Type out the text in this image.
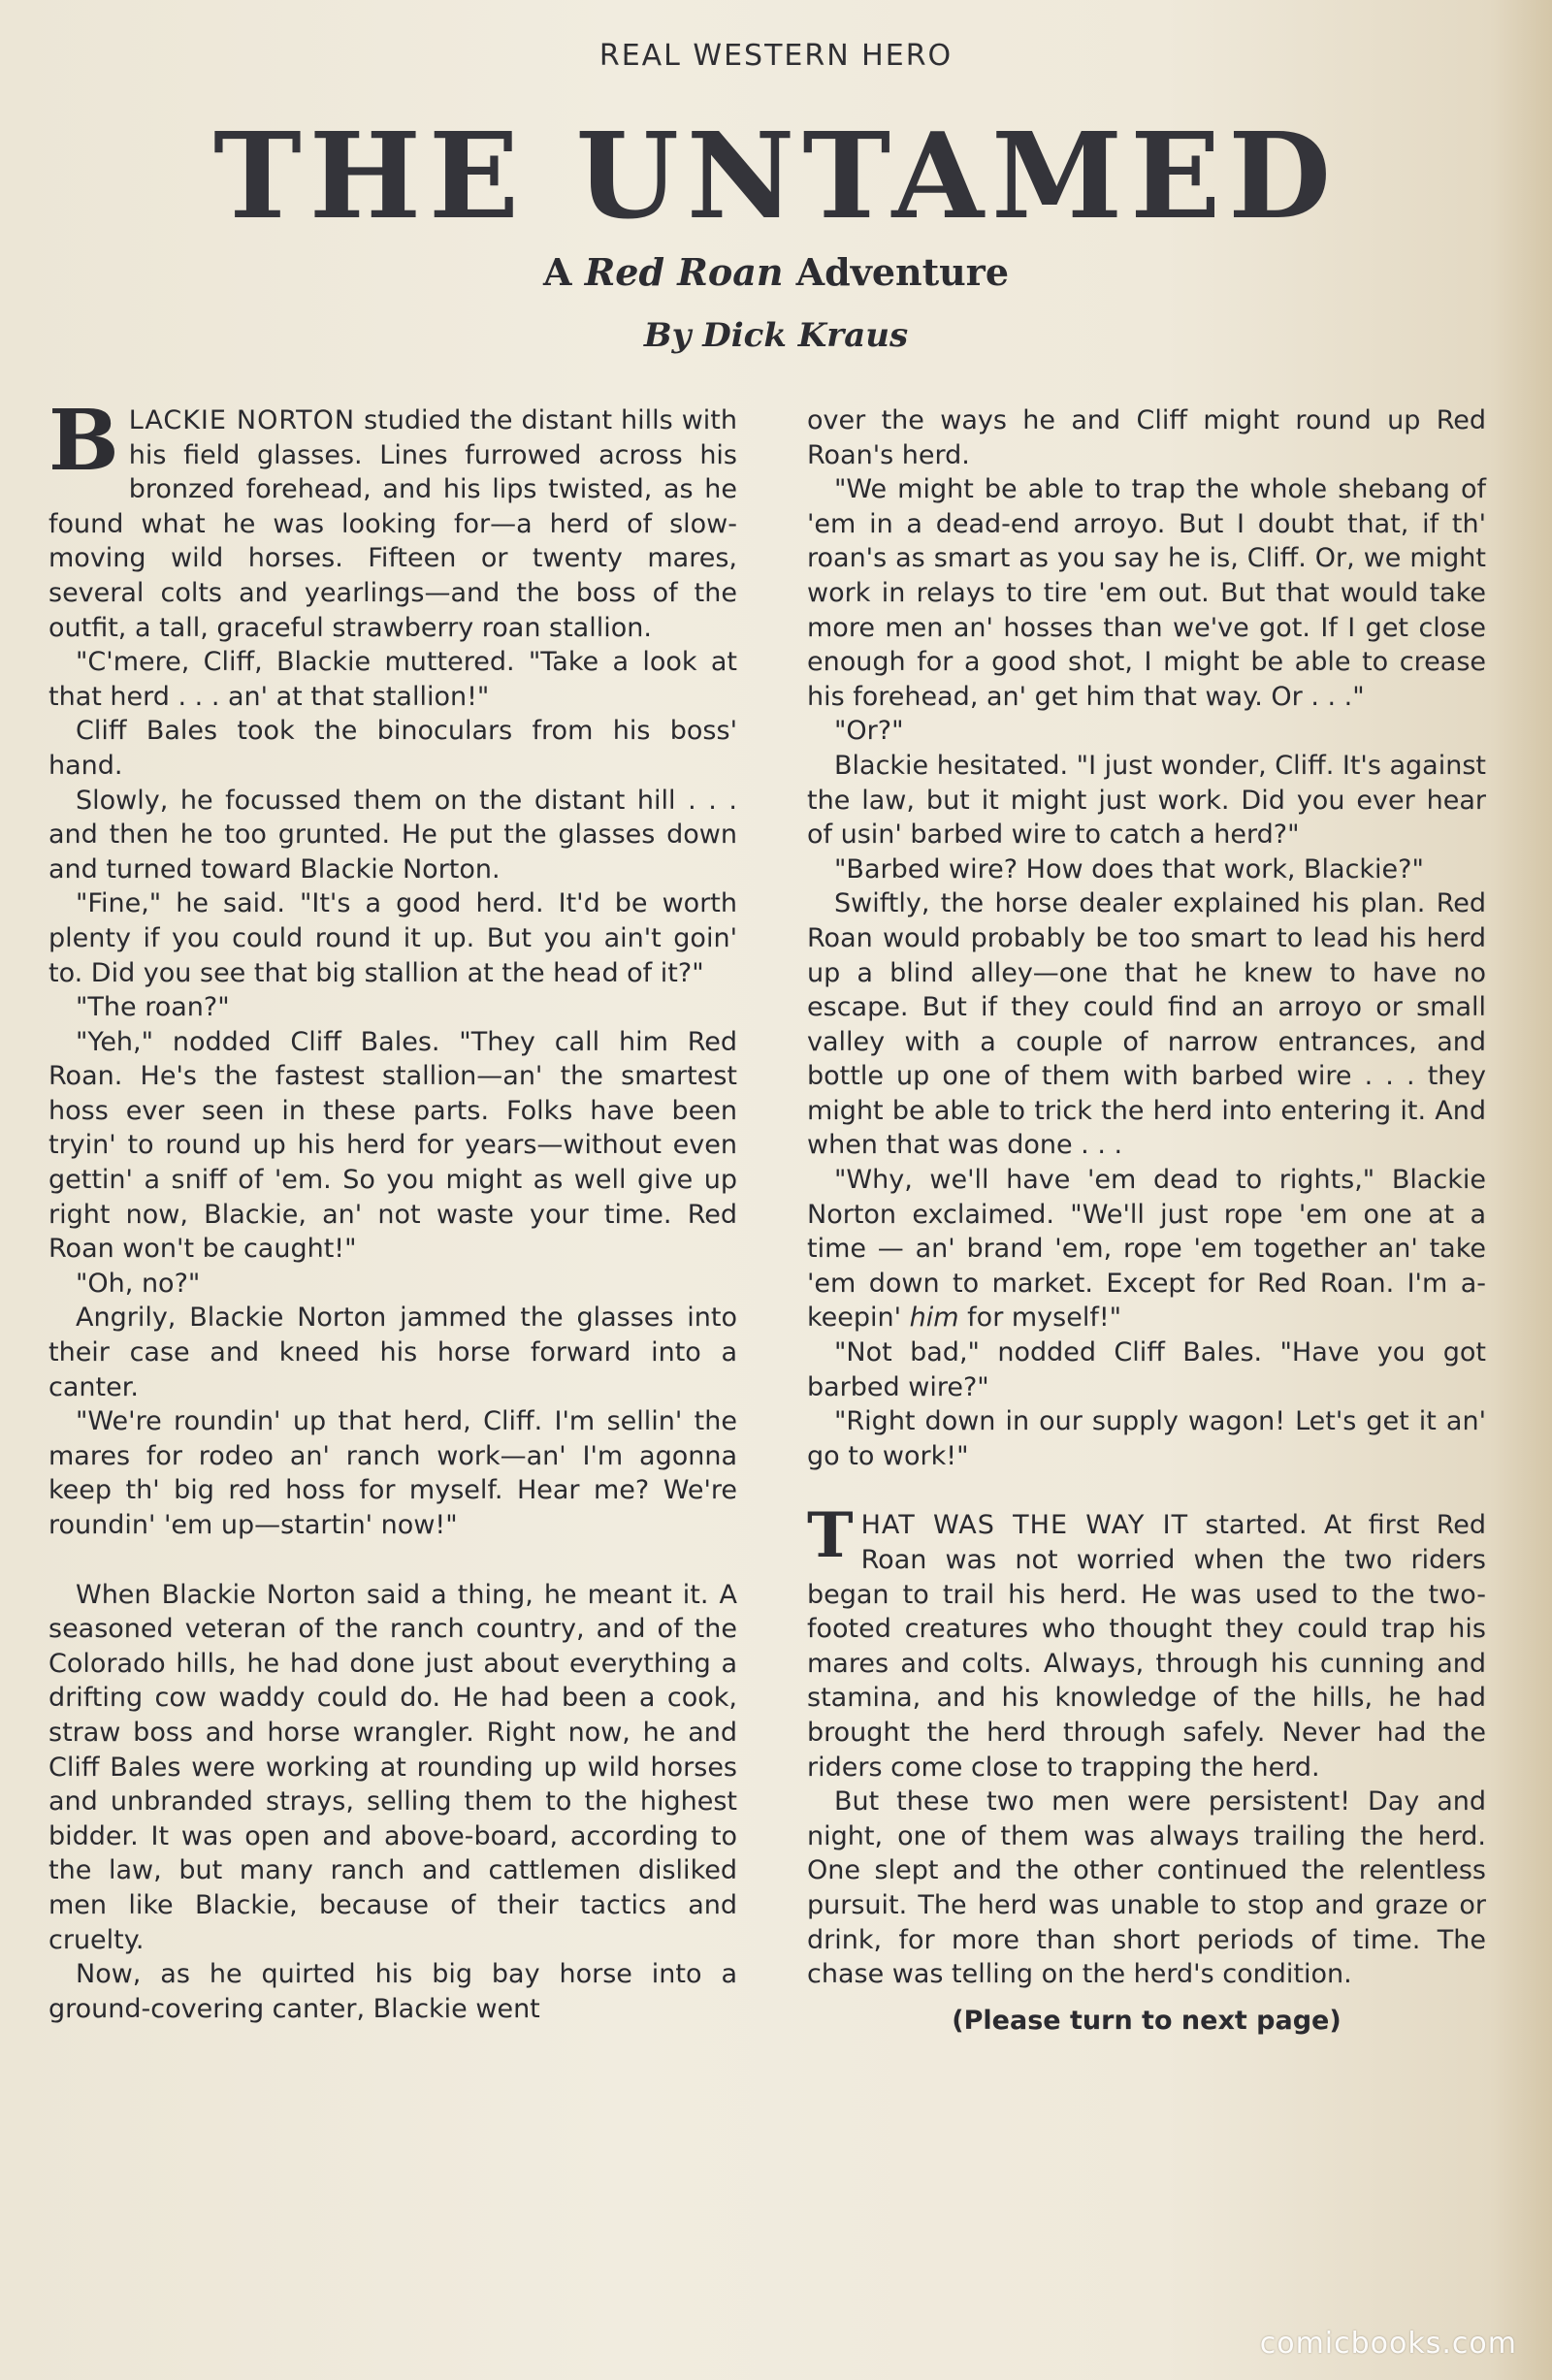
REAL WESTERN HERO
THE UNTAMED
A Red Roan Adventure
By Dick Kraus

BLACKIE NORTON studied the distant hills with his field glasses. Lines furrowed across his bronzed forehead, and his lips twisted, as he found what he was looking for—a herd of slow-moving wild horses. Fifteen or twenty mares, several colts and yearlings—and the boss of the outfit, a tall, graceful strawberry roan stallion.

"C'mere, Cliff, Blackie muttered. "Take a look at that herd . . . an' at that stallion!"

Cliff Bales took the binoculars from his boss' hand.

Slowly, he focussed them on the distant hill . . . and then he too grunted. He put the glasses down and turned toward Blackie Norton.

"Fine," he said. "It's a good herd. It'd be worth plenty if you could round it up. But you ain't goin' to. Did you see that big stallion at the head of it?"

"The roan?"

"Yeh," nodded Cliff Bales. "They call him Red Roan. He's the fastest stallion—an' the smartest hoss ever seen in these parts. Folks have been tryin' to round up his herd for years—without even gettin' a sniff of 'em. So you might as well give up right now, Blackie, an' not waste your time. Red Roan won't be caught!"

"Oh, no?"

Angrily, Blackie Norton jammed the glasses into their case and kneed his horse forward into a canter.

"We're roundin' up that herd, Cliff. I'm sellin' the mares for rodeo an' ranch work—an' I'm agonna keep th' big red hoss for myself. Hear me? We're roundin' 'em up—startin' now!"

When Blackie Norton said a thing, he meant it. A seasoned veteran of the ranch country, and of the Colorado hills, he had done just about everything a drifting cow waddy could do. He had been a cook, straw boss and horse wrangler. Right now, he and Cliff Bales were working at rounding up wild horses and unbranded strays, selling them to the highest bidder. It was open and above-board, according to the law, but many ranch and cattlemen disliked men like Blackie, because of their tactics and cruelty.

Now, as he quirted his big bay horse into a ground-covering canter, Blackie went

over the ways he and Cliff might round up Red Roan's herd.

"We might be able to trap the whole shebang of 'em in a dead-end arroyo. But I doubt that, if th' roan's as smart as you say he is, Cliff. Or, we might work in relays to tire 'em out. But that would take more men an' hosses than we've got. If I get close enough for a good shot, I might be able to crease his forehead, an' get him that way. Or . . ."

"Or?"

Blackie hesitated. "I just wonder, Cliff. It's against the law, but it might just work. Did you ever hear of usin' barbed wire to catch a herd?"

"Barbed wire? How does that work, Blackie?"

Swiftly, the horse dealer explained his plan. Red Roan would probably be too smart to lead his herd up a blind alley—one that he knew to have no escape. But if they could find an arroyo or small valley with a couple of narrow entrances, and bottle up one of them with barbed wire . . . they might be able to trick the herd into entering it. And when that was done . . .

"Why, we'll have 'em dead to rights," Blackie Norton exclaimed. "We'll just rope 'em one at a time — an' brand 'em, rope 'em together an' take 'em down to market. Except for Red Roan. I'm a-keepin' him for myself!"

"Not bad," nodded Cliff Bales. "Have you got barbed wire?"

"Right down in our supply wagon! Let's get it an' go to work!"

THAT WAS THE WAY IT started. At first Red Roan was not worried when the two riders began to trail his herd. He was used to the two-footed creatures who thought they could trap his mares and colts. Always, through his cunning and stamina, and his knowledge of the hills, he had brought the herd through safely. Never had the riders come close to trapping the herd.

But these two men were persistent! Day and night, one of them was always trailing the herd. One slept and the other continued the relentless pursuit. The herd was unable to stop and graze or drink, for more than short periods of time. The chase was telling on the herd's condition.

(Please turn to next page)

comicbooks.com
